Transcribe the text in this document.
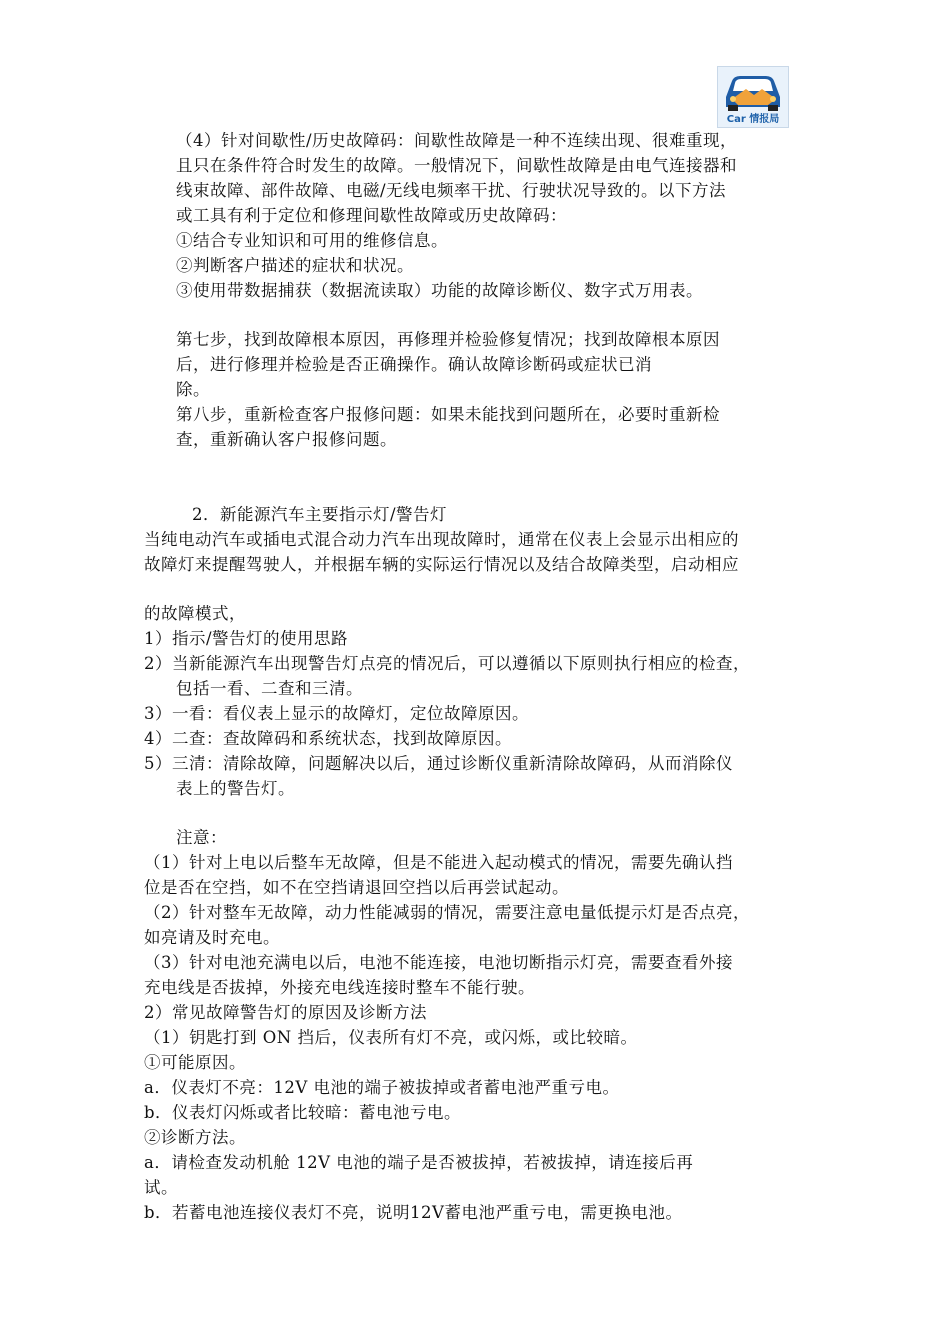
Car 情报局
（4）针对间歇性/历史故障码：间歇性故障是一种不连续出现、很难重现，
且只在条件符合时发生的故障。一般情况下，间歇性故障是由电气连接器和
线束故障、部件故障、电磁/无线电频率干扰、行驶状况导致的。以下方法
或工具有利于定位和修理间歇性故障或历史故障码：
①结合专业知识和可用的维修信息。
②判断客户描述的症状和状况。
③使用带数据捕获（数据流读取）功能的故障诊断仪、数字式万用表。
第七步，找到故障根本原因，再修理并检验修复情况；找到故障根本原因
后，进行修理并检验是否正确操作。确认故障诊断码或症状已消
除。
第八步，重新检查客户报修问题：如果未能找到问题所在，必要时重新检
查，重新确认客户报修问题。
2．新能源汽车主要指示灯/警告灯
当纯电动汽车或插电式混合动力汽车出现故障时，通常在仪表上会显示出相应的
故障灯来提醒驾驶人，并根据车辆的实际运行情况以及结合故障类型，启动相应
的故障模式，
1）指示/警告灯的使用思路
2）当新能源汽车出现警告灯点亮的情况后，可以遵循以下原则执行相应的检查，
包括一看、二查和三清。
3）一看：看仪表上显示的故障灯，定位故障原因。
4）二查：查故障码和系统状态，找到故障原因。
5）三清：清除故障，问题解决以后，通过诊断仪重新清除故障码，从而消除仪
表上的警告灯。
注意：
（1）针对上电以后整车无故障，但是不能进入起动模式的情况，需要先确认挡
位是否在空挡，如不在空挡请退回空挡以后再尝试起动。
（2）针对整车无故障，动力性能减弱的情况，需要注意电量低提示灯是否点亮，
如亮请及时充电。
（3）针对电池充满电以后，电池不能连接，电池切断指示灯亮，需要查看外接
充电线是否拔掉，外接充电线连接时整车不能行驶。
2）常见故障警告灯的原因及诊断方法
（1）钥匙打到 ON 挡后，仪表所有灯不亮，或闪烁，或比较暗。
①可能原因。
a．仪表灯不亮：12V 电池的端子被拔掉或者蓄电池严重亏电。
b．仪表灯闪烁或者比较暗：蓄电池亏电。
②诊断方法。
a．请检查发动机舱 12V 电池的端子是否被拔掉，若被拔掉，请连接后再
试。
b．若蓄电池连接仪表灯不亮，说明12V蓄电池严重亏电，需更换电池。
